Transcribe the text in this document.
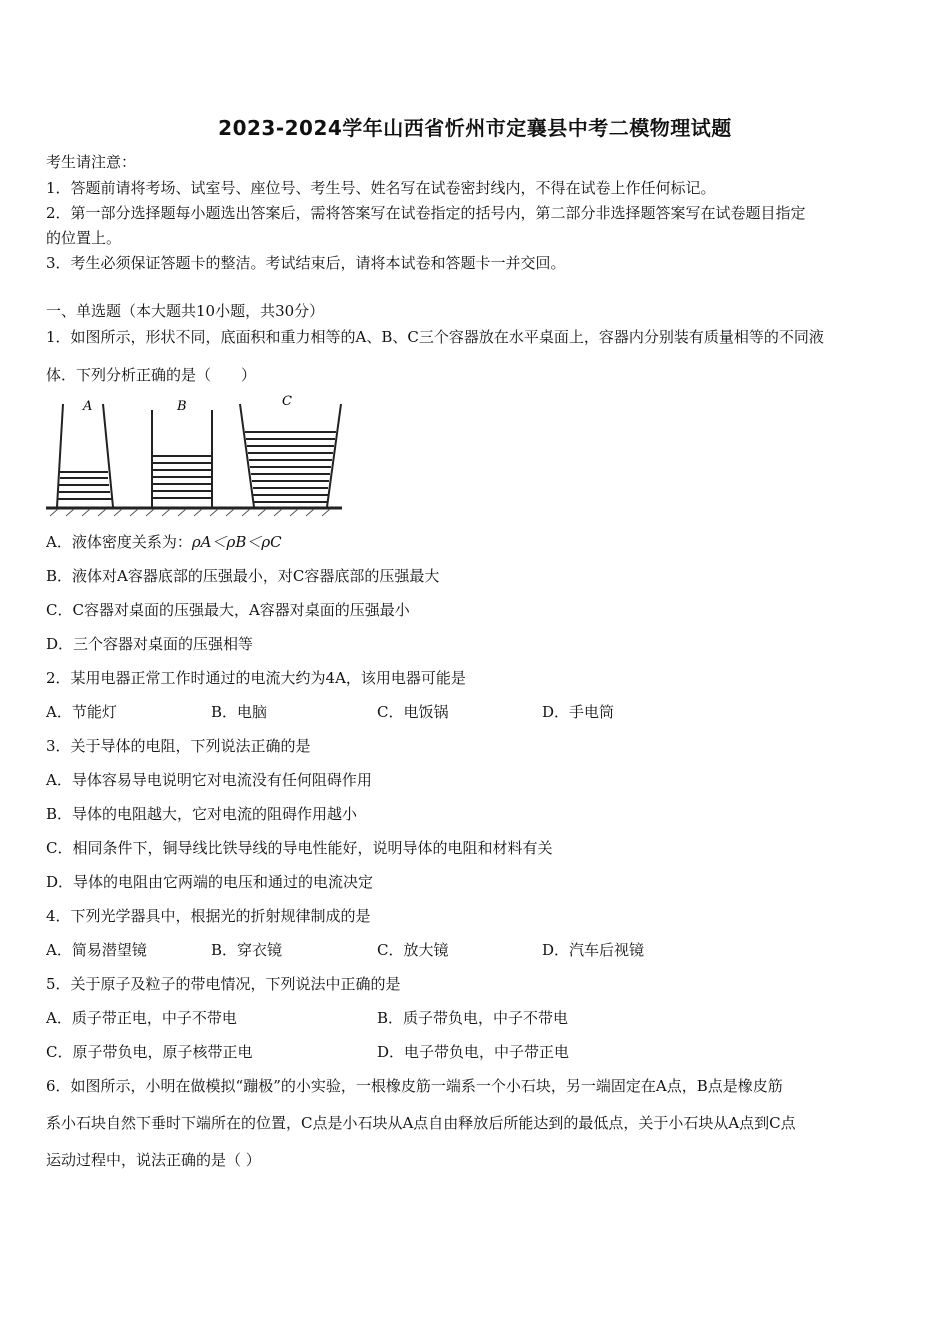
2023-2024学年山西省忻州市定襄县中考二模物理试题
考生请注意：
1．答题前请将考场、试室号、座位号、考生号、姓名写在试卷密封线内，不得在试卷上作任何标记。
2．第一部分选择题每小题选出答案后，需将答案写在试卷指定的括号内，第二部分非选择题答案写在试卷题目指定
的位置上。
3．考生必须保证答题卡的整洁。考试结束后，请将本试卷和答题卡一并交回。
一、单选题（本大题共10小题，共30分）
1．如图所示，形状不同，底面积和重力相等的A、B、C三个容器放在水平桌面上，容器内分别装有质量相等的不同液
体．下列分析正确的是（　　）
A	B	C
A．液体密度关系为：ρA＜ρB＜ρC
B．液体对A容器底部的压强最小，对C容器底部的压强最大
C．C容器对桌面的压强最大，A容器对桌面的压强最小
D．三个容器对桌面的压强相等
2．某用电器正常工作时通过的电流大约为4A，该用电器可能是
A．节能灯	B．电脑	C．电饭锅	D．手电筒
3．关于导体的电阻，下列说法正确的是
A．导体容易导电说明它对电流没有任何阻碍作用
B．导体的电阻越大，它对电流的阻碍作用越小
C．相同条件下，铜导线比铁导线的导电性能好，说明导体的电阻和材料有关
D．导体的电阻由它两端的电压和通过的电流决定
4．下列光学器具中，根据光的折射规律制成的是
A．简易潜望镜	B．穿衣镜	C．放大镜	D．汽车后视镜
5．关于原子及粒子的带电情况，下列说法中正确的是
A．质子带正电，中子不带电	B．质子带负电，中子不带电
C．原子带负电，原子核带正电	D．电子带负电，中子带正电
6．如图所示，小明在做模拟“蹦极”的小实验，一根橡皮筋一端系一个小石块，另一端固定在A点，B点是橡皮筋
系小石块自然下垂时下端所在的位置，C点是小石块从A点自由释放后所能达到的最低点，关于小石块从A点到C点
运动过程中，说法正确的是（ ）
